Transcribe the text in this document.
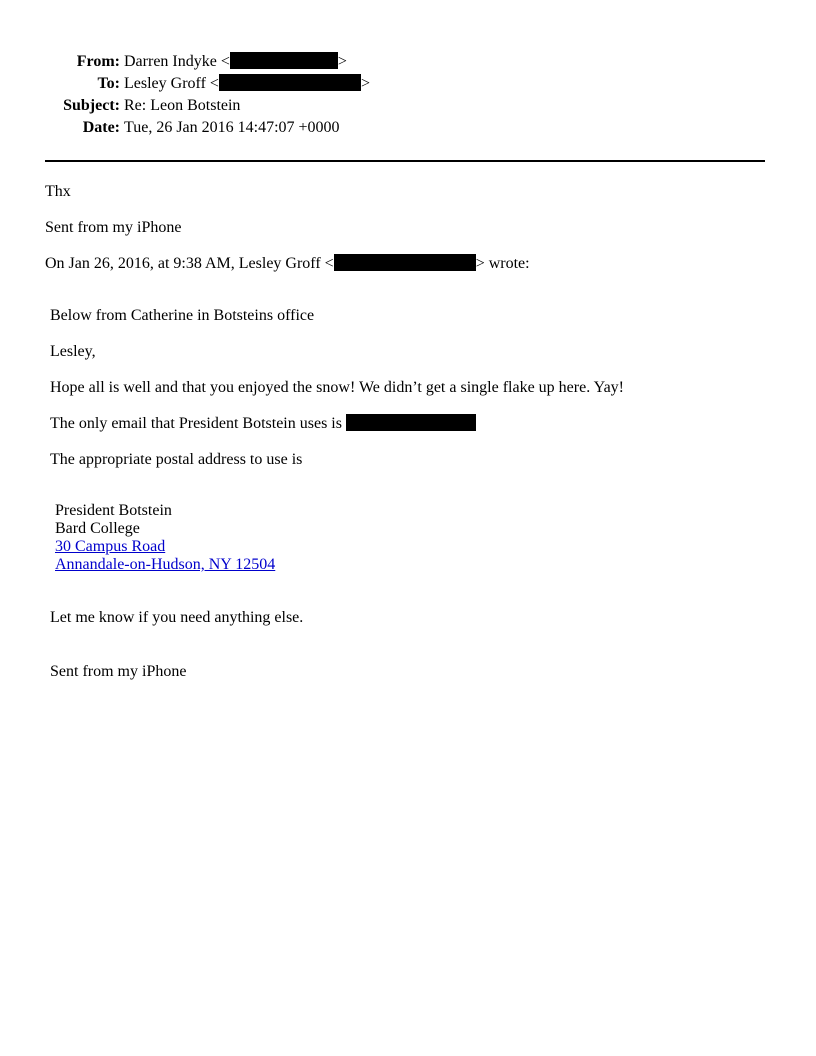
From: Darren Indyke <	>
To: Lesley Groff <	>
Subject: Re: Leon Botstein
Date: Tue, 26 Jan 2016 14:47:07 +0000
Thx
Sent from my iPhone
On Jan 26, 2016, at 9:38 AM, Lesley Groff <	> wrote:
Below from Catherine in Botsteins office
Lesley,
Hope all is well and that you enjoyed the snow! We didn’t get a single flake up here. Yay!
The only email that President Botstein uses is
The appropriate postal address to use is
President Botstein
Bard College
30 Campus Road
Annandale-on-Hudson, NY 12504
Let me know if you need anything else.
Sent from my iPhone
